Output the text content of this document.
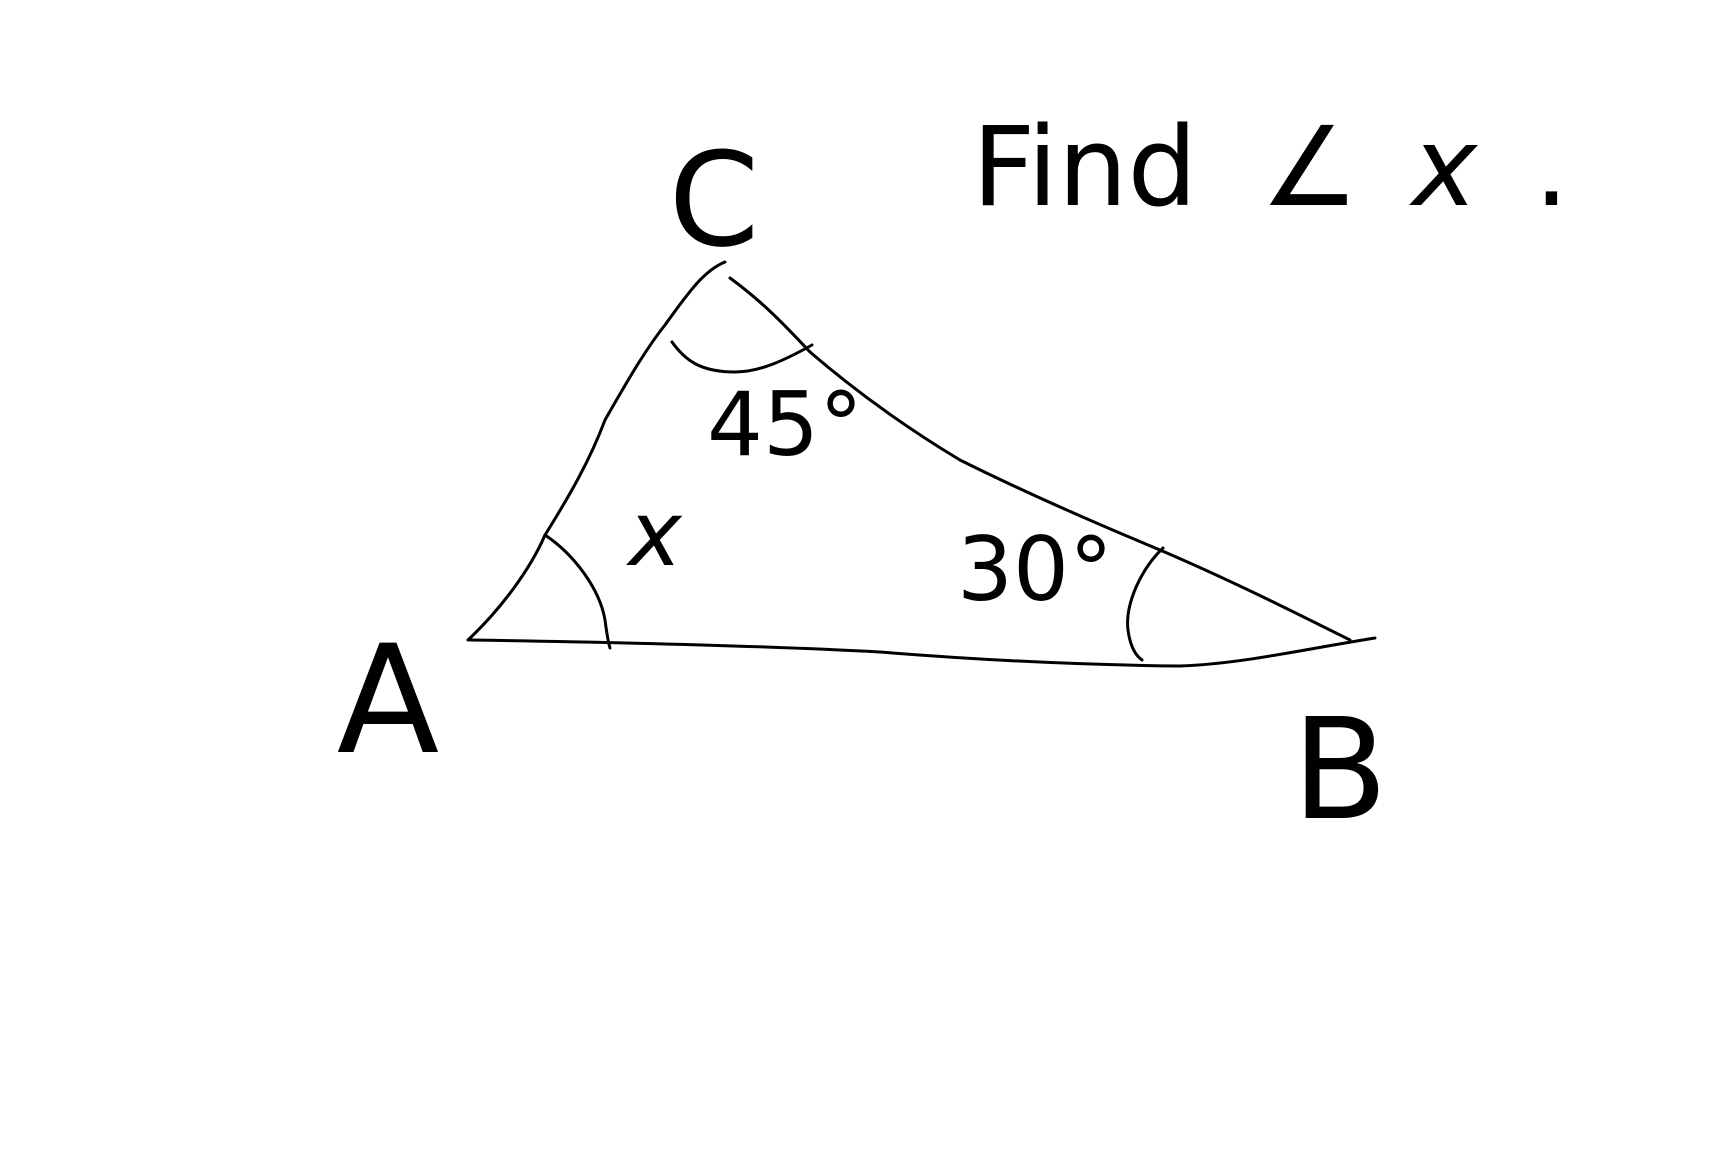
A	B
C
x
45°
30°
Find ∠ x .
